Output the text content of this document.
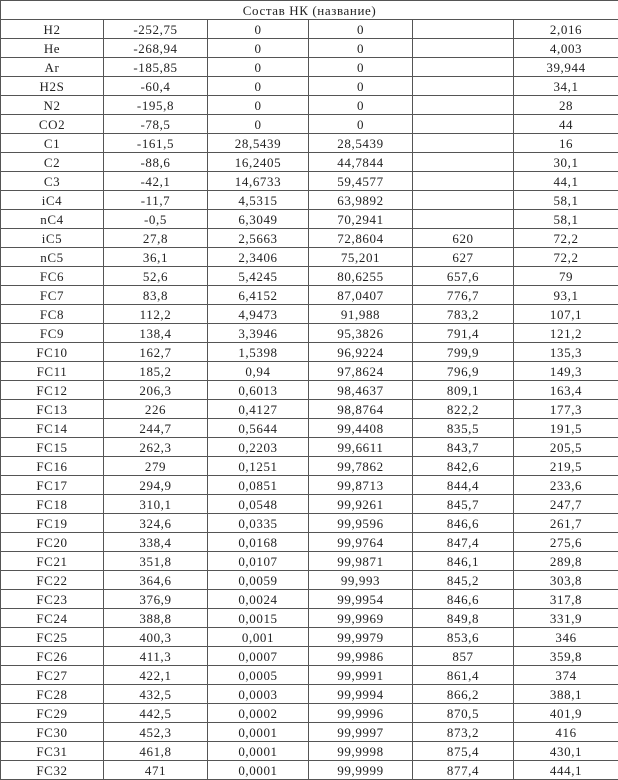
Состав НК (название)					
H2	-252,75	0	0		2,016
He	-268,94	0	0		4,003
Ar	-185,85	0	0		39,944
H2S	-60,4	0	0		34,1
N2	-195,8	0	0		28
CO2	-78,5	0	0		44
C1	-161,5	28,5439	28,5439		16
C2	-88,6	16,2405	44,7844		30,1
C3	-42,1	14,6733	59,4577		44,1
iC4	-11,7	4,5315	63,9892		58,1
nC4	-0,5	6,3049	70,2941		58,1
iC5	27,8	2,5663	72,8604	620	72,2
nC5	36,1	2,3406	75,201	627	72,2
FC6	52,6	5,4245	80,6255	657,6	79
FC7	83,8	6,4152	87,0407	776,7	93,1
FC8	112,2	4,9473	91,988	783,2	107,1
FC9	138,4	3,3946	95,3826	791,4	121,2
FC10	162,7	1,5398	96,9224	799,9	135,3
FC11	185,2	0,94	97,8624	796,9	149,3
FC12	206,3	0,6013	98,4637	809,1	163,4
FC13	226	0,4127	98,8764	822,2	177,3
FC14	244,7	0,5644	99,4408	835,5	191,5
FC15	262,3	0,2203	99,6611	843,7	205,5
FC16	279	0,1251	99,7862	842,6	219,5
FC17	294,9	0,0851	99,8713	844,4	233,6
FC18	310,1	0,0548	99,9261	845,7	247,7
FC19	324,6	0,0335	99,9596	846,6	261,7
FC20	338,4	0,0168	99,9764	847,4	275,6
FC21	351,8	0,0107	99,9871	846,1	289,8
FC22	364,6	0,0059	99,993	845,2	303,8
FC23	376,9	0,0024	99,9954	846,6	317,8
FC24	388,8	0,0015	99,9969	849,8	331,9
FC25	400,3	0,001	99,9979	853,6	346
FC26	411,3	0,0007	99,9986	857	359,8
FC27	422,1	0,0005	99,9991	861,4	374
FC28	432,5	0,0003	99,9994	866,2	388,1
FC29	442,5	0,0002	99,9996	870,5	401,9
FC30	452,3	0,0001	99,9997	873,2	416
FC31	461,8	0,0001	99,9998	875,4	430,1
FC32	471	0,0001	99,9999	877,4	444,1
